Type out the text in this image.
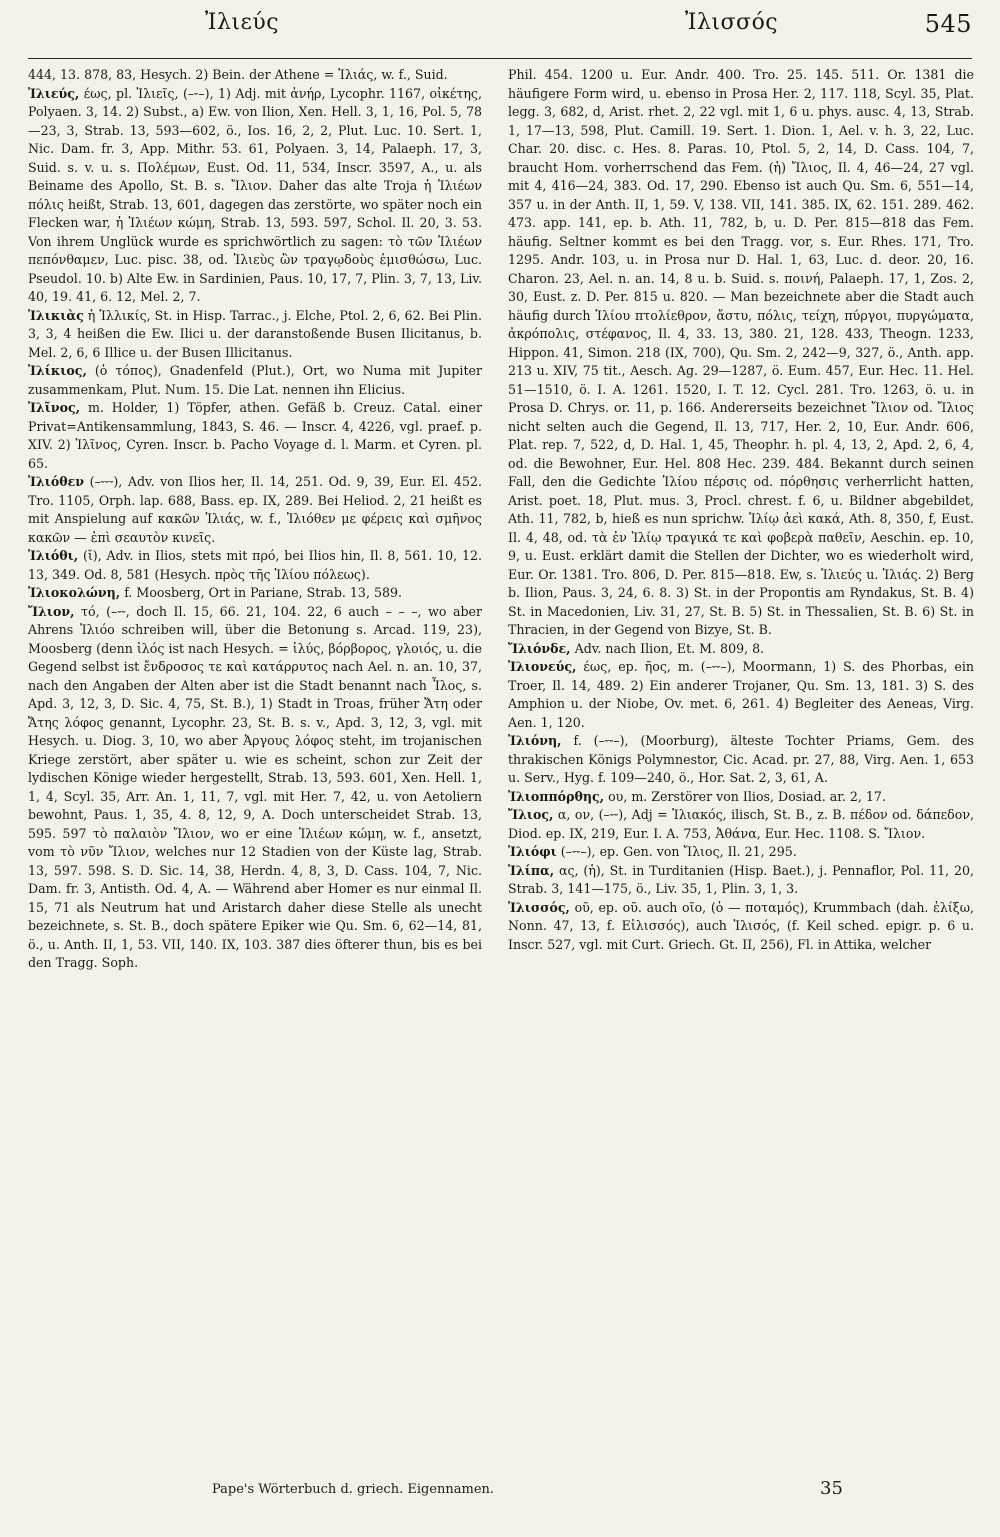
Ἰλιεύς	Ἰλισσός	545

444, 13. 878, 83, Hesych. 2) Bein. der Athene = Ἰλιάς, w. f., Suid.

Ἰλιεύς, έως, pl. Ἰλιεῖς, (–⏑–), 1) Adj. mit ἀνήρ, Lycophr. 1167, οἰκέτης, Polyaen. 3, 14. 2) Subst., a) Ew. von Ilion, Xen. Hell. 3, 1, 16, Pol. 5, 78 —23, 3, Strab. 13, 593—602, ö., Ios. 16, 2, 2, Plut. Luc. 10. Sert. 1, Nic. Dam. fr. 3, App. Mithr. 53. 61, Polyaen. 3, 14, Palaeph. 17, 3, Suid. s. v. u. s. Πολέμων, Eust. Od. 11, 534, Inscr. 3597, A., u. als Beiname des Apollo, St. B. s. Ἴλιον. Daher das alte Troja ἡ Ἰλιέων πόλις heißt, Strab. 13, 601, dagegen das zerstörte, wo später noch ein Flecken war, ἡ Ἰλιέων κώμη, Strab. 13, 593. 597, Schol. Il. 20, 3. 53. Von ihrem Unglück wurde es sprichwörtlich zu sagen: τὸ τῶν Ἰλιέων πεπόνθαμεν, Luc. pisc. 38, od. Ἰλιεὺς ὢν τραγῳδοὺς ἐμισθώσω, Luc. Pseudol. 10. b) Alte Ew. in Sardinien, Paus. 10, 17, 7, Plin. 3, 7, 13, Liv. 40, 19. 41, 6. 12, Mel. 2, 7.

Ἰλικιὰς ἡ Ἰλλικίς, St. in Hisp. Tarrac., j. Elche, Ptol. 2, 6, 62. Bei Plin. 3, 3, 4 heißen die Ew. Ilici u. der daranstoßende Busen Ilicitanus, b. Mel. 2, 6, 6 Illice u. der Busen Illicitanus.

Ἰλίκιος, (ὁ τόπος), Gnadenfeld (Plut.), Ort, wo Numa mit Jupiter zusammenkam, Plut. Num. 15. Die Lat. nennen ihn Elicius.

Ἰλῖνος, m. Holder, 1) Töpfer, athen. Gefäß b. Creuz. Catal. einer Privat=Antikensammlung, 1843, S. 46. — Inscr. 4, 4226, vgl. praef. p. XIV. 2) Ἰλῖνος, Cyren. Inscr. b. Pacho Voyage d. l. Marm. et Cyren. pl. 65.

Ἰλιόθεν (–⏑⏑⏑), Adv. von Ilios her, Il. 14, 251. Od. 9, 39, Eur. El. 452. Tro. 1105, Orph. lap. 688, Bass. ep. IX, 289. Bei Heliod. 2, 21 heißt es mit Anspielung auf κακῶν Ἰλιάς, w. f., Ἰλιόθεν με φέρεις καὶ σμῆνος κακῶν — ἐπὶ σεαυτὸν κινεῖς.

Ἰλιόθι, (ῐ), Adv. in Ilios, stets mit πρό, bei Ilios hin, Il. 8, 561. 10, 12. 13, 349. Od. 8, 581 (Hesych. πρὸς τῆς Ἰλίου πόλεως).

Ἰλιοκολώνη, f. Moosberg, Ort in Pariane, Strab. 13, 589.

Ἴλιον, τό, (–⏑⏑, doch Il. 15, 66. 21, 104. 22, 6 auch – – –, wo aber Ahrens Ἰλιόο schreiben will, über die Betonung s. Arcad. 119, 23), Moosberg (denn ἰλός ist nach Hesych. = ἰλύς, βόρβορος, γλοιός, u. die Gegend selbst ist ἔνδροσος τε καὶ κατάρρυτος nach Ael. n. an. 10, 37, nach den Angaben der Alten aber ist die Stadt benannt nach Ἶλος, s. Apd. 3, 12, 3, D. Sic. 4, 75, St. B.), 1) Stadt in Troas, früher Ἄτη oder Ἄτης λόφος genannt, Lycophr. 23, St. B. s. v., Apd. 3, 12, 3, vgl. mit Hesych. u. Diog. 3, 10, wo aber Ἀργους λόφος steht, im trojanischen Kriege zerstört, aber später u. wie es scheint, schon zur Zeit der lydischen Könige wieder hergestellt, Strab. 13, 593. 601, Xen. Hell. 1, 1, 4, Scyl. 35, Arr. An. 1, 11, 7, vgl. mit Her. 7, 42, u. von Aetoliern bewohnt, Paus. 1, 35, 4. 8, 12, 9, A. Doch unterscheidet Strab. 13, 595. 597 τὸ παλαιὸν Ἴλιον, wo er eine Ἰλιέων κώμη, w. f., ansetzt, vom τὸ νῦν Ἴλιον, welches nur 12 Stadien von der Küste lag, Strab. 13, 597. 598. S. D. Sic. 14, 38, Herdn. 4, 8, 3, D. Cass. 104, 7, Nic. Dam. fr. 3, Antisth. Od. 4, A. — Während aber Homer es nur einmal Il. 15, 71 als Neutrum hat und Aristarch daher diese Stelle als unecht bezeichnete, s. St. B., doch spätere Epiker wie Qu. Sm. 6, 62—14, 81, ö., u. Anth. II, 1, 53. VII, 140. IX, 103. 387 dies öfterer thun, bis es bei den Tragg. Soph.

Phil. 454. 1200 u. Eur. Andr. 400. Tro. 25. 145. 511. Or. 1381 die häufigere Form wird, u. ebenso in Prosa Her. 2, 117. 118, Scyl. 35, Plat. legg. 3, 682, d, Arist. rhet. 2, 22 vgl. mit 1, 6 u. phys. ausc. 4, 13, Strab. 1, 17—13, 598, Plut. Camill. 19. Sert. 1. Dion. 1, Ael. v. h. 3, 22, Luc. Char. 20. disc. c. Hes. 8. Paras. 10, Ptol. 5, 2, 14, D. Cass. 104, 7, braucht Hom. vorherrschend das Fem. (ἡ) Ἴλιος, Il. 4, 46—24, 27 vgl. mit 4, 416—24, 383. Od. 17, 290. Ebenso ist auch Qu. Sm. 6, 551—14, 357 u. in der Anth. II, 1, 59. V, 138. VII, 141. 385. IX, 62. 151. 289. 462. 473. app. 141, ep. b. Ath. 11, 782, b, u. D. Per. 815—818 das Fem. häufig. Seltner kommt es bei den Tragg. vor, s. Eur. Rhes. 171, Tro. 1295. Andr. 103, u. in Prosa nur D. Hal. 1, 63, Luc. d. deor. 20, 16. Charon. 23, Ael. n. an. 14, 8 u. b. Suid. s. ποινή, Palaeph. 17, 1, Zos. 2, 30, Eust. z. D. Per. 815 u. 820. — Man bezeichnete aber die Stadt auch häufig durch Ἰλίου πτολίεθρον, ἄστυ, πόλις, τείχη, πύργοι, πυργώματα, ἀκρόπολις, στέφανος, Il. 4, 33. 13, 380. 21, 128. 433, Theogn. 1233, Hippon. 41, Simon. 218 (IX, 700), Qu. Sm. 2, 242—9, 327, ö., Anth. app. 213 u. XIV, 75 tit., Aesch. Ag. 29—1287, ö. Eum. 457, Eur. Hec. 11. Hel. 51—1510, ö. I. A. 1261. 1520, I. T. 12. Cycl. 281. Tro. 1263, ö. u. in Prosa D. Chrys. or. 11, p. 166. Andererseits bezeichnet Ἴλιον od. Ἴλιος nicht selten auch die Gegend, Il. 13, 717, Her. 2, 10, Eur. Andr. 606, Plat. rep. 7, 522, d, D. Hal. 1, 45, Theophr. h. pl. 4, 13, 2, Apd. 2, 6, 4, od. die Bewohner, Eur. Hel. 808 Hec. 239. 484. Bekannt durch seinen Fall, den die Gedichte Ἰλίου πέρσις od. πόρθησις verherrlicht hatten, Arist. poet. 18, Plut. mus. 3, Procl. chrest. f. 6, u. Bildner abgebildet, Ath. 11, 782, b, hieß es nun sprichw. Ἰλίῳ ἀεὶ κακά, Ath. 8, 350, f, Eust. Il. 4, 48, od. τὰ ἐν Ἰλίῳ τραγικά τε καὶ φοβερὰ παθεῖν, Aeschin. ep. 10, 9, u. Eust. erklärt damit die Stellen der Dichter, wo es wiederholt wird, Eur. Or. 1381. Tro. 806, D. Per. 815—818. Ew, s. Ἰλιεύς u. Ἰλιάς. 2) Berg b. Ilion, Paus. 3, 24, 6. 8. 3) St. in der Propontis am Ryndakus, St. B. 4) St. in Macedonien, Liv. 31, 27, St. B. 5) St. in Thessalien, St. B. 6) St. in Thracien, in der Gegend von Bizye, St. B.

Ἴλιόνδε, Adv. nach Ilion, Et. M. 809, 8.

Ἰλιονεύς, έως, ep. ῆος, m. (–⏑⏑–), Moormann, 1) S. des Phorbas, ein Troer, Il. 14, 489. 2) Ein anderer Trojaner, Qu. Sm. 13, 181. 3) S. des Amphion u. der Niobe, Ov. met. 6, 261. 4) Begleiter des Aeneas, Virg. Aen. 1, 120.

Ἰλιόνη, f. (–⏑⏑–), (Moorburg), älteste Tochter Priams, Gem. des thrakischen Königs Polymnestor, Cic. Acad. pr. 27, 88, Virg. Aen. 1, 653 u. Serv., Hyg. f. 109—240, ö., Hor. Sat. 2, 3, 61, A.

Ἰλιοππόρθης, ου, m. Zerstörer von Ilios, Dosiad. ar. 2, 17.

Ἴλιος, α, ον, (–⏑⏑), Adj = Ἰλιακός, ilisch, St. B., z. B. πέδον od. δάπεδον, Diod. ep. IX, 219, Eur. I. A. 753, Ἀθάνα, Eur. Hec. 1108. S. Ἴλιον.

Ἰλιόφι (–⏑⏑–), ep. Gen. von Ἴλιος, Il. 21, 295.

Ἰλίπα, ας, (ἡ), St. in Turditanien (Hisp. Baet.), j. Pennaflor, Pol. 11, 20, Strab. 3, 141—175, ö., Liv. 35, 1, Plin. 3, 1, 3.

Ἰλισσός, οῦ, ep. οῦ. auch οῖο, (ὁ — ποταμός), Krummbach (dah. ἑλίξω, Nonn. 47, 13, f. Εἰλισσός), auch Ἰλισός, (f. Keil sched. epigr. p. 6 u. Inscr. 527, vgl. mit Curt. Griech. Gt. II, 256), Fl. in Attika, welcher

Pape's Wörterbuch d. griech. Eigennamen.	35
